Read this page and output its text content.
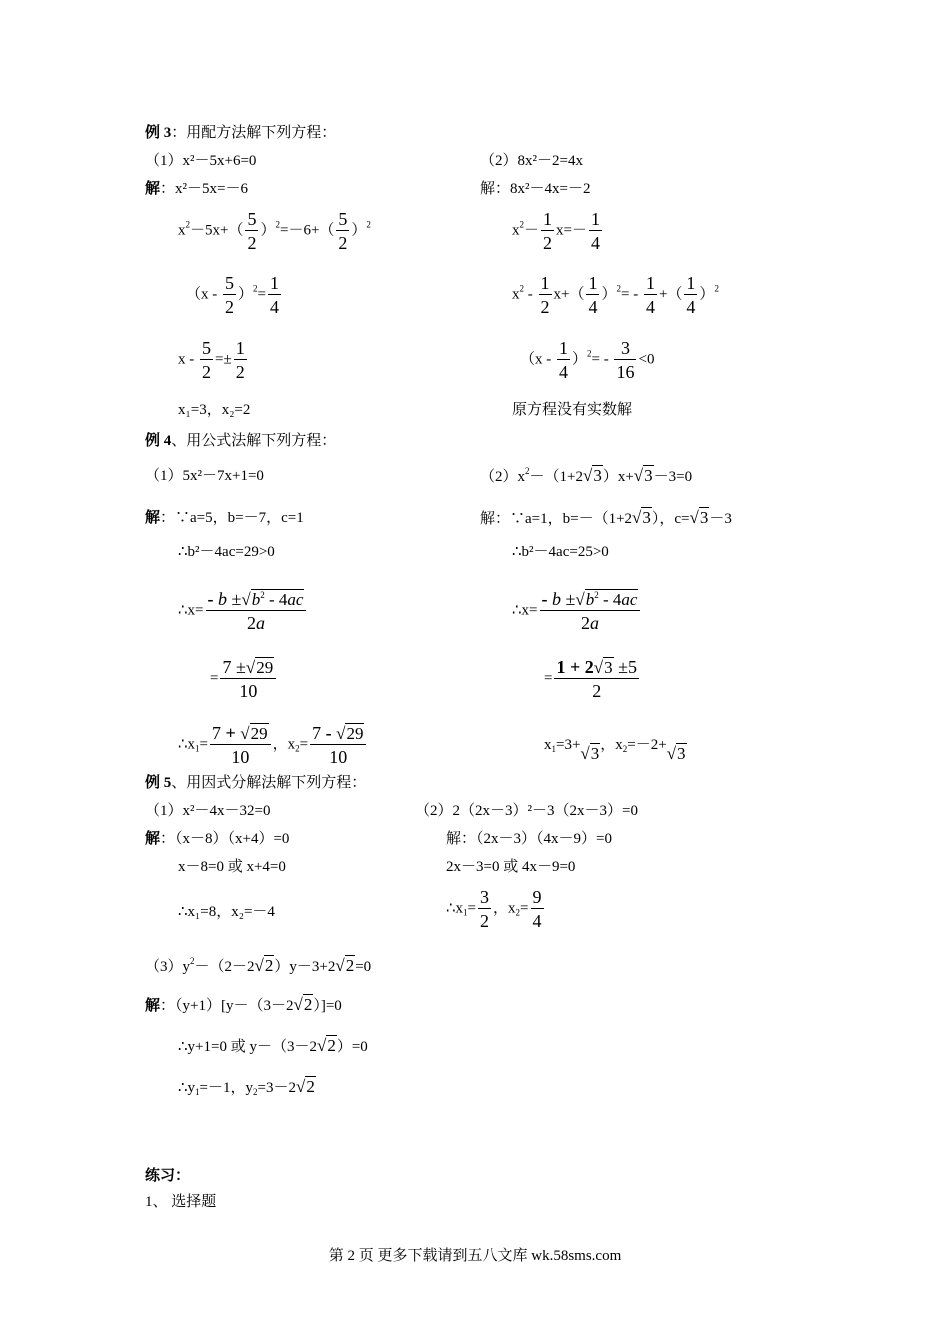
例 3：用配方法解下列方程：
（1）x²－5x+6=0	（2）8x²－2=4x
解：x²－5x=－6	解：8x²－4x=－2
$x^2-5x+( \frac{5}{2} )^2=-6+( \frac{5}{2} )^2$	$x^2- \frac{1}{2} x=- \frac{1}{4}$
$(x - \frac{5}{2} )^2= \frac{1}{4}$	$x^2 - \frac{1}{2} x+( \frac{1}{4} )^2= - \frac{1}{4}$ +（ $\frac{1}{4} )^2$
$x - \frac{5}{2} =\pm \frac{1}{2}$	$(x - \frac{1}{4} )^2= - \frac{3}{16} <0$
x₁=3，x₂=2	原方程没有实数解
例 4、用公式法解下列方程：
（1）5x²－7x+1=0	$(2)x^2-(1+2√3)x+√3-3=0$
解：∵a=5，b=－7，c=1	解：∵a=1，b=－（1+2√3），c=√3－3
∴b²－4ac=29>0	∴b²－4ac=25>0
∴x= $\frac{- b \pm√b^2 - 4ac}{2a}$	∴x= $\frac{- b \pm√b^2 - 4ac}{2a}$
= $\frac{7 \pm√29}{10}$	= $\frac{1 + 2√3 \pm 5}{2}$
$\therefore x_1= \frac{7 + √29}{10}$ ，$x_2= \frac{7 - √29}{10}$	$x_1=3+√3$，$x_2=-2+√3$
例 5、用因式分解法解下列方程：
（1）x²－4x－32=0	（2）2（2x－3）²－3（2x－3）=0
解：（x－8）（x+4）=0	解：（2x－3）（4x－9）=0
x－8=0 或 x+4=0	2x－3=0 或 4x－9=0
∴x₁=8，x₂=－4	$\therefore x_1= \frac{3}{2}$ ，$x_2= \frac{9}{4}$
$(3)y^2-(2-2√2)y-3+2√2=0$
解：（y+1）[y－（3－2√2）]=0
∴y+1=0 或 y－（3－2√2）=0
$\therefore y_1=-1$，$y_2=3-2√2$
练习：
1、 选择题
第 2 页 更多下载请到五八文库 wk.58sms.com
